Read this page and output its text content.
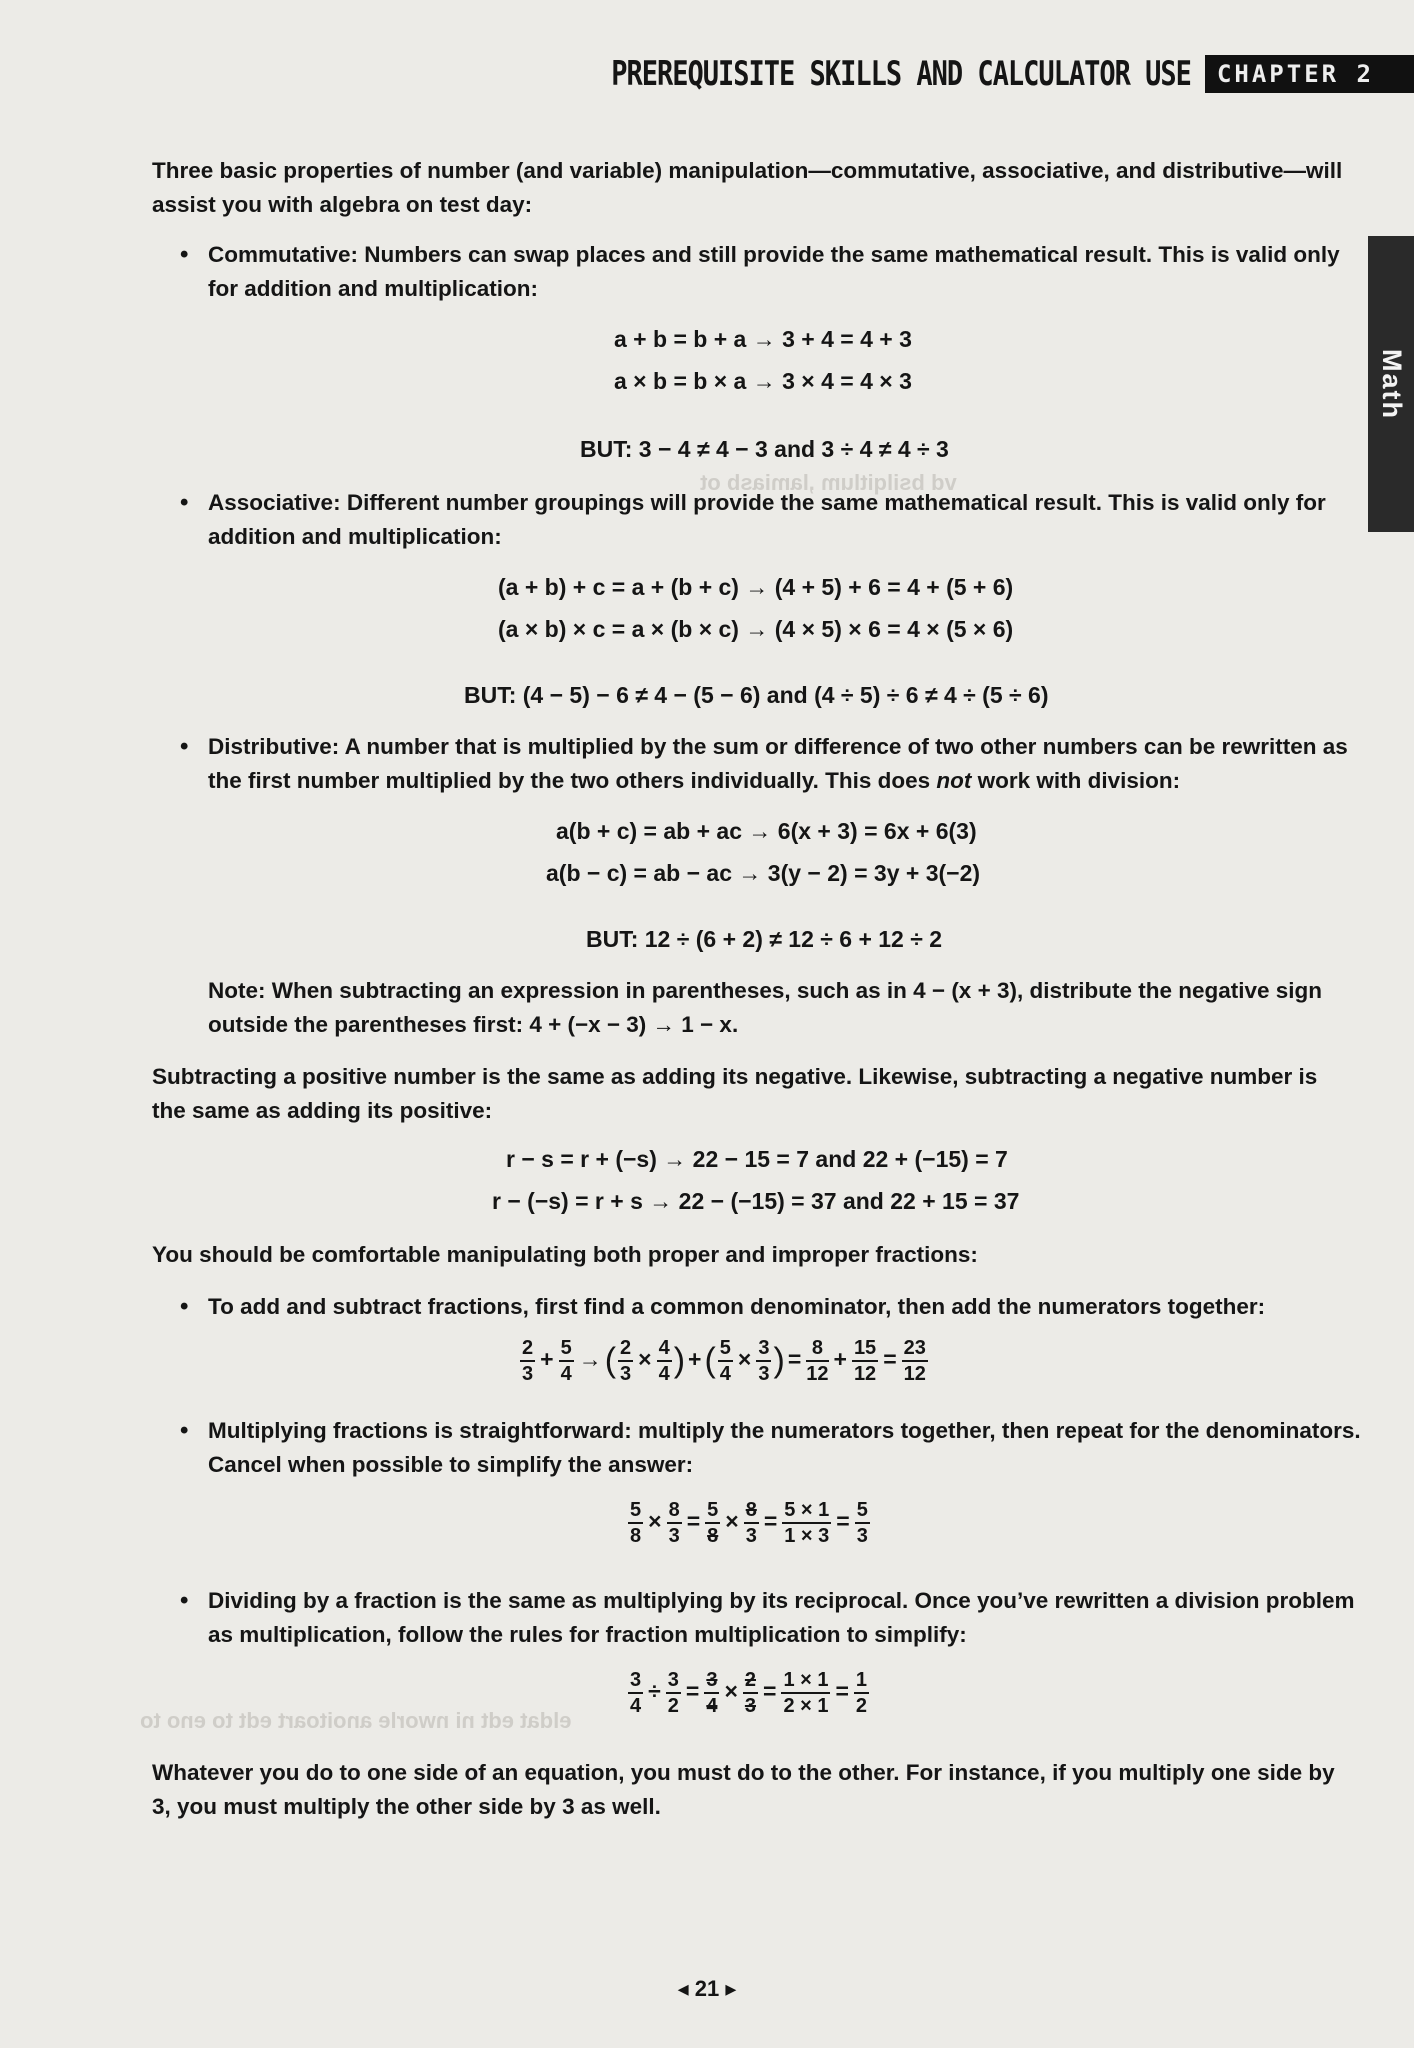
PREREQUISITE SKILLS AND CALCULATOR USE	CHAPTER 2
Math
vd bsilqitlum ,lamiasb ot
eldat edt ni nworle anoitoart edt to eno to
Three basic properties of number (and variable) manipulation—commutative, associative, and distributive—will assist you with algebra on test day:
• Commutative: Numbers can swap places and still provide the same mathematical result. This is valid only for addition and multiplication:
a + b = b + a → 3 + 4 = 4 + 3
a × b = b × a → 3 × 4 = 4 × 3
BUT: 3 − 4 ≠ 4 − 3 and 3 ÷ 4 ≠ 4 ÷ 3
• Associative: Different number groupings will provide the same mathematical result. This is valid only for addition and multiplication:
(a + b) + c = a + (b + c) → (4 + 5) + 6 = 4 + (5 + 6)
(a × b) × c = a × (b × c) → (4 × 5) × 6 = 4 × (5 × 6)
BUT: (4 − 5) − 6 ≠ 4 − (5 − 6) and (4 ÷ 5) ÷ 6 ≠ 4 ÷ (5 ÷ 6)
• Distributive: A number that is multiplied by the sum or difference of two other numbers can be rewritten as the first number multiplied by the two others individually. This does not work with division:
a(b + c) = ab + ac → 6(x + 3) = 6x + 6(3)
a(b − c) = ab − ac → 3(y − 2) = 3y + 3(−2)
BUT: 12 ÷ (6 + 2) ≠ 12 ÷ 6 + 12 ÷ 2
Note: When subtracting an expression in parentheses, such as in 4 − (x + 3), distribute the negative sign outside the parentheses first: 4 + (−x − 3) → 1 − x.
Subtracting a positive number is the same as adding its negative. Likewise, subtracting a negative number is the same as adding its positive:
r − s = r + (−s) → 22 − 15 = 7 and 22 + (−15) = 7
r − (−s) = r + s → 22 − (−15) = 37 and 22 + 15 = 37
You should be comfortable manipulating both proper and improper fractions:
• To add and subtract fractions, first find a common denominator, then add the numerators together:
$\frac{2}{3} + \frac{5}{4}$ →( $\frac{2}{3} \times \frac{4}{4}$ ) +( $\frac{5}{4} \times \frac{3}{3}$ ) = $\frac{8}{12} + \frac{15}{12} = \frac{23}{12}$
• Multiplying fractions is straightforward: multiply the numerators together, then repeat for the denominators. Cancel when possible to simplify the answer:
$\frac{5}{8} \times \frac{8}{3} = \frac{5}{8} \times \frac{8}{3} = \frac{5 \times 1}{1 \times 3} = \frac{5}{3}$
• Dividing by a fraction is the same as multiplying by its reciprocal. Once you’ve rewritten a division problem as multiplication, follow the rules for fraction multiplication to simplify:
$\frac{3}{4} \div \frac{3}{2} = \frac{3}{4} \times \frac{2}{3} = \frac{1 \times 1}{2 \times 1} = \frac{1}{2}$
Whatever you do to one side of an equation, you must do to the other. For instance, if you multiply one side by 3, you must multiply the other side by 3 as well.
◂ 21 ▸
